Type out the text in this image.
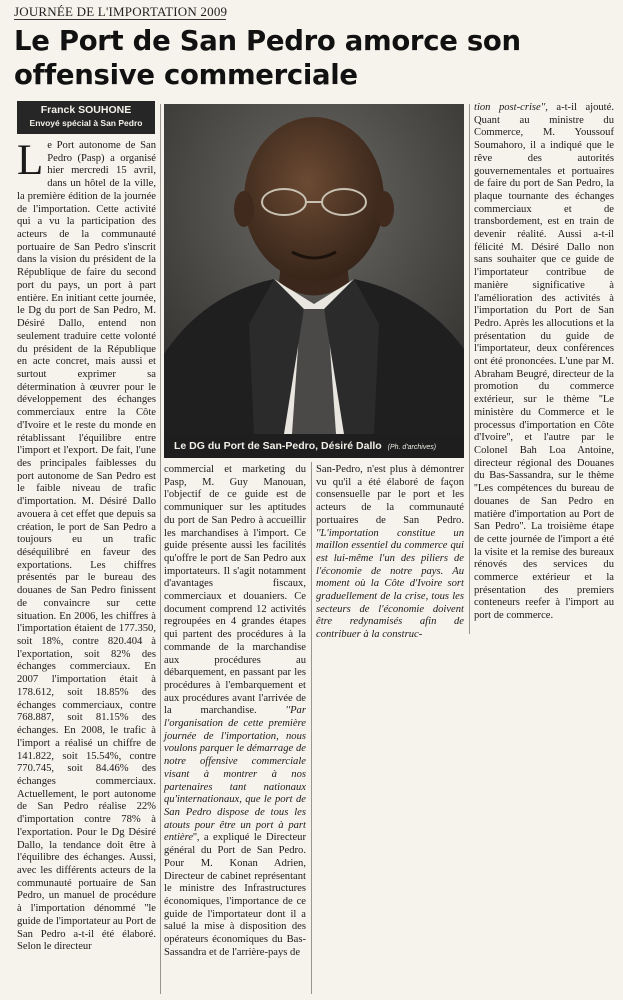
JOURNÉE DE L'IMPORTATION 2009
Le Port de San Pedro amorce son offensive commerciale
Franck SOUHONE
Envoyé spécial à San Pedro
L e Port autonome de San Pedro (Pasp) a organisé hier mercredi 15 avril, dans un hôtel de la ville, la première édition de la journée de l'importation. Cette activité qui a vu la participation des acteurs de la communauté portuaire de San Pedro s'inscrit dans la vision du président de la République de faire du second port du pays, un port à part entière. En initiant cette journée, le Dg du port de San Pedro, M. Désiré Dallo, entend non seulement traduire cette volonté du président de la République en acte concret, mais aussi et surtout exprimer sa détermination à œuvrer pour le développement des échanges commerciaux entre la Côte d'Ivoire et le reste du monde en rétablissant l'équilibre entre l'import et l'export. De fait, l'une des principales faiblesses du port autonome de San Pedro est le faible niveau de trafic d'importation. M. Désiré Dallo avouera à cet effet que depuis sa création, le port de San Pedro a toujours eu un trafic déséquilibré en faveur des exportations. Les chiffres présentés par le bureau des douanes de San Pedro finissent de convaincre sur cette situation. En 2006, les chiffres à l'importation étaient de 177.350, soit 18%, contre 820.404 à l'exportation, soit 82% des échanges commerciaux. En 2007 l'importation était à 178.612, soit 18.85% des échanges commerciaux, contre 768.887, soit 81.15% des échanges. En 2008, le trafic à l'import a réalisé un chiffre de 141.822, soit 15.54%, contre 770.745, soit 84.46% des échanges commerciaux. Actuellement, le port autonome de San Pedro réalise 22% d'importation contre 78% à l'exportation. Pour le Dg Désiré Dallo, la tendance doit être à l'équilibre des échanges. Aussi, avec les différents acteurs de la communauté portuaire de San Pedro, un manuel de procédure à l'importation dénommé ''le guide de l'importateur au Port de San Pedro a-t-il été élaboré. Selon le directeur
Le DG du Port de San-Pedro, Désiré Dallo (Ph. d'archives)
commercial et marketing du Pasp, M. Guy Manouan, l'objectif de ce guide est de communiquer sur les aptitudes du port de San Pedro à accueillir les marchandises à l'import. Ce guide présente aussi les facilités qu'offre le port de San Pedro aux importateurs. Il s'agit notamment d'avantages fiscaux, commerciaux et douaniers. Ce document comprend 12 activités regroupées en 4 grandes étapes qui partent des procédures à la commande de la marchandise aux procédures au débarquement, en passant par les procédures à l'embarquement et aux procédures avant l'arrivée de la marchandise.	''Par l'organisation de cette première journée de l'importation, nous voulons parquer le démarrage de notre offensive commerciale visant à montrer à nos partenaires tant nationaux qu'internationaux, que le port de San Pedro dispose de tous les atouts pour être un port à part entière'', a expliqué le Directeur général du Port de San Pedro. Pour M. Konan Adrien, Directeur de cabinet représentant le ministre des Infrastructures économiques, l'importance de ce guide de l'importateur dont il a salué la mise à disposition des opérateurs économiques du Bas-Sassandra et de l'arrière-pays de
San-Pedro, n'est plus à démontrer vu qu'il a été élaboré de façon consensuelle par le port et les acteurs de la communauté portuaires de San Pedro. ''L'importation constitue un maillon essentiel du commerce qui est lui-même l'un des piliers de l'économie de notre pays. Au moment où la Côte d'Ivoire sort graduellement de la crise, tous les secteurs de l'économie doivent être redynamisés afin de contribuer à la construc-
tion post-crise'', a-t-il ajouté. Quant au ministre du Commerce, M. Youssouf Soumahoro, il a indiqué que le rêve des autorités gouvernementales et portuaires de faire du port de San Pedro, la plaque tournante des échanges commerciaux et de transbordement, est en train de devenir réalité. Aussi a-t-il félicité M. Désiré Dallo non sans souhaiter que ce guide de l'importateur contribue de manière significative à l'amélioration des activités à l'importation du Port de San Pedro. Après les allocutions et la présentation du guide de l'importateur, deux conférences ont été prononcées. L'une par M. Abraham Beugré, directeur de la promotion du commerce extérieur, sur le thème ''Le ministère du Commerce et le processus d'importation en Côte d'Ivoire'', et l'autre par le Colonel Bah Loa Antoine, directeur régional des Douanes du Bas-Sassandra, sur le thème ''Les compétences du bureau de douanes de San Pedro en matière d'importation au Port de San Pedro''. La troisième étape de cette journée de l'import a été la visite et la remise des bureaux rénovés des services du commerce extérieur et la présentation des premiers conteneurs reefer à l'import au port de commerce.
